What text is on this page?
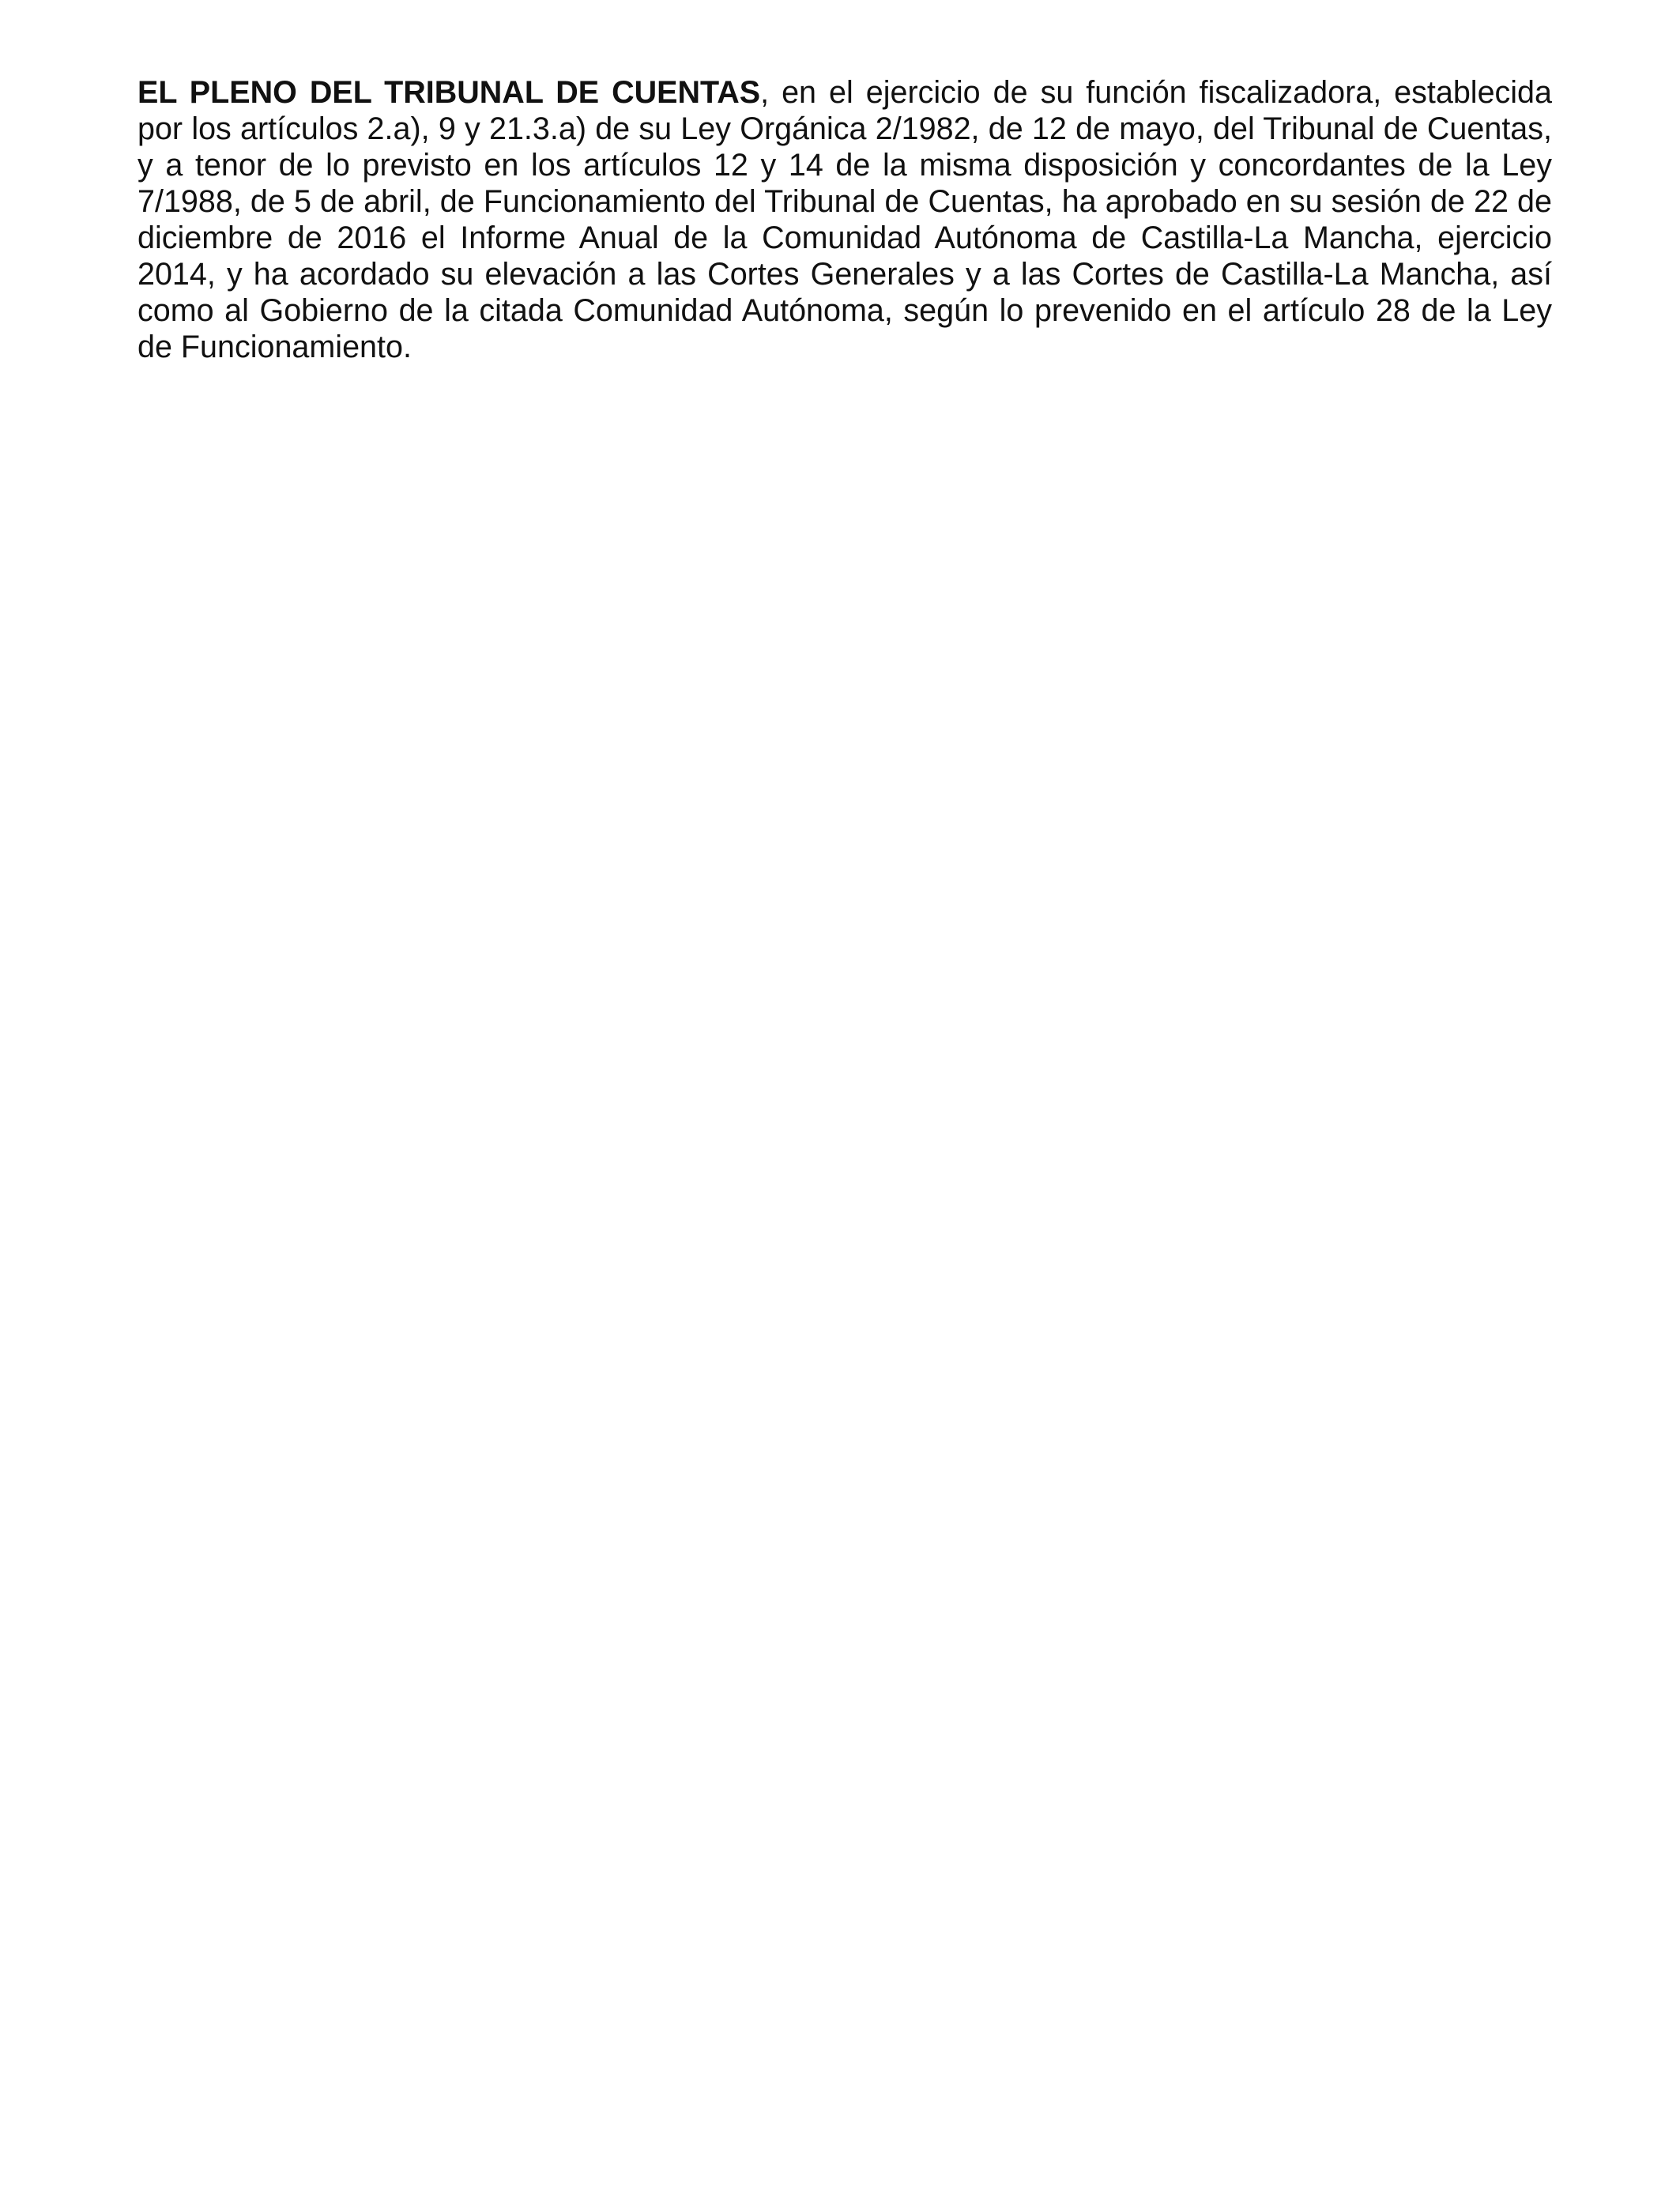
EL PLENO DEL TRIBUNAL DE CUENTAS, en el ejercicio de su función fiscalizadora, establecida por los artículos 2.a), 9 y 21.3.a) de su Ley Orgánica 2/1982, de 12 de mayo, del Tribunal de Cuentas, y a tenor de lo previsto en los artículos 12 y 14 de la misma disposición y concordantes de la Ley 7/1988, de 5 de abril, de Funcionamiento del Tribunal de Cuentas, ha aprobado en su sesión de 22 de diciembre de 2016 el Informe Anual de la Comunidad Autónoma de Castilla-La Mancha, ejercicio 2014, y ha acordado su elevación a las Cortes Generales y a las Cortes de Castilla-La Mancha, así como al Gobierno de la citada Comunidad Autónoma, según lo prevenido en el artículo 28 de la Ley de Funcionamiento.
